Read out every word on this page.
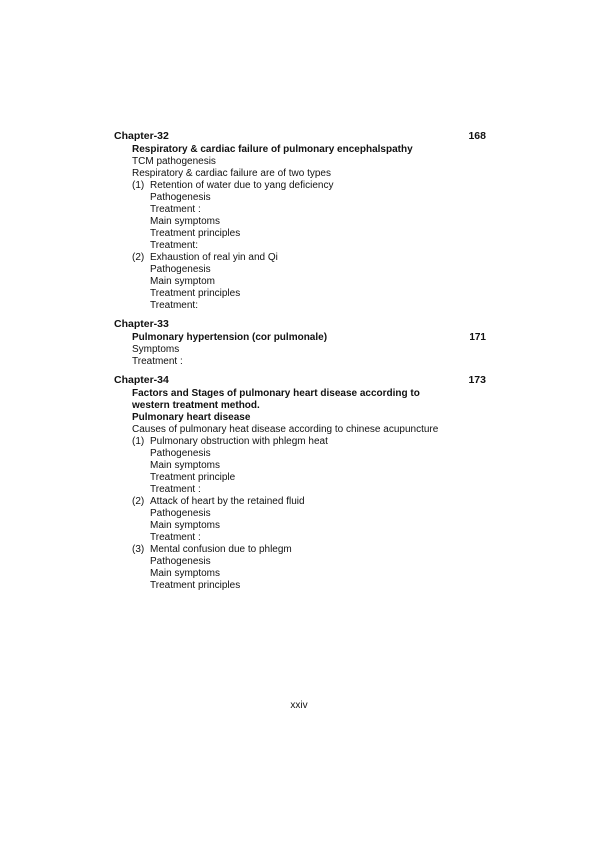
Chapter-32	168
Respiratory & cardiac failure of pulmonary encephalspathy
TCM pathogenesis
Respiratory & cardiac failure are of two types
(1) Retention of water due to yang deficiency
Pathogenesis
Treatment :
Main symptoms
Treatment principles
Treatment:
(2) Exhaustion of real yin and Qi
Pathogenesis
Main symptom
Treatment principles
Treatment:
Chapter-33
Pulmonary hypertension (cor pulmonale)	171
Symptoms
Treatment :
Chapter-34	173
Factors and Stages of pulmonary heart disease according to
western treatment method.
Pulmonary heart disease
Causes of pulmonary heat disease according to chinese acupuncture
(1) Pulmonary obstruction with phlegm heat
Pathogenesis
Main symptoms
Treatment principle
Treatment :
(2) Attack of heart by the retained fluid
Pathogenesis
Main symptoms
Treatment :
(3) Mental confusion due to phlegm
Pathogenesis
Main symptoms
Treatment principles
xxiv
